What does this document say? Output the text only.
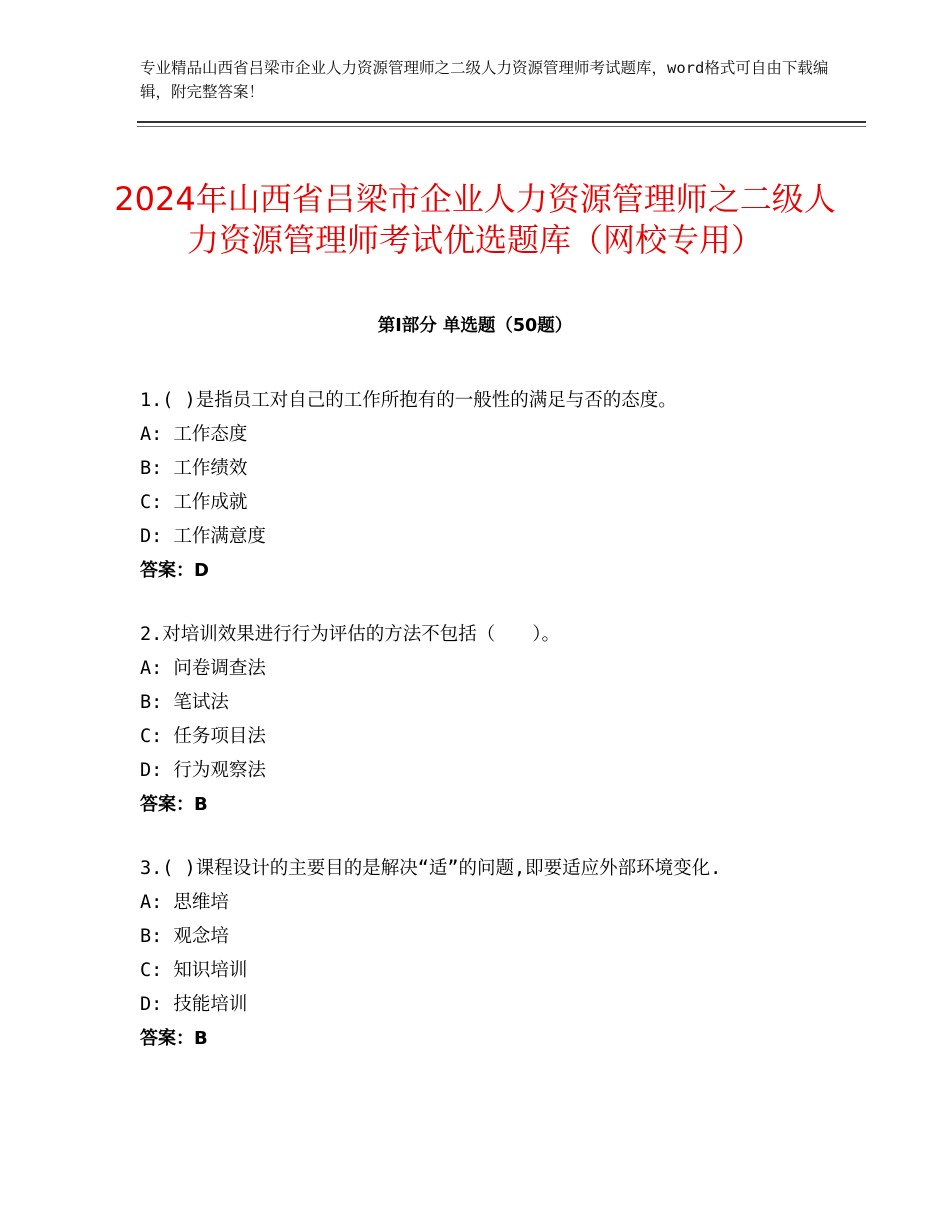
专业精品山西省吕梁市企业人力资源管理师之二级人力资源管理师考试题库，word格式可自由下载编辑，附完整答案！
2024年山西省吕梁市企业人力资源管理师之二级人力资源管理师考试优选题库（网校专用）
第Ⅰ部分 单选题（50题）
1.( )是指员工对自己的工作所抱有的一般性的满足与否的态度。
A: 工作态度
B: 工作绩效
C: 工作成就
D: 工作满意度
答案：D
2.对培训效果进行行为评估的方法不包括（　　）。
A: 问卷调查法
B: 笔试法
C: 任务项目法
D: 行为观察法
答案：B
3.( )课程设计的主要目的是解决“适”的问题,即要适应外部环境变化.
A: 思维培
B: 观念培
C: 知识培训
D: 技能培训
答案：B
